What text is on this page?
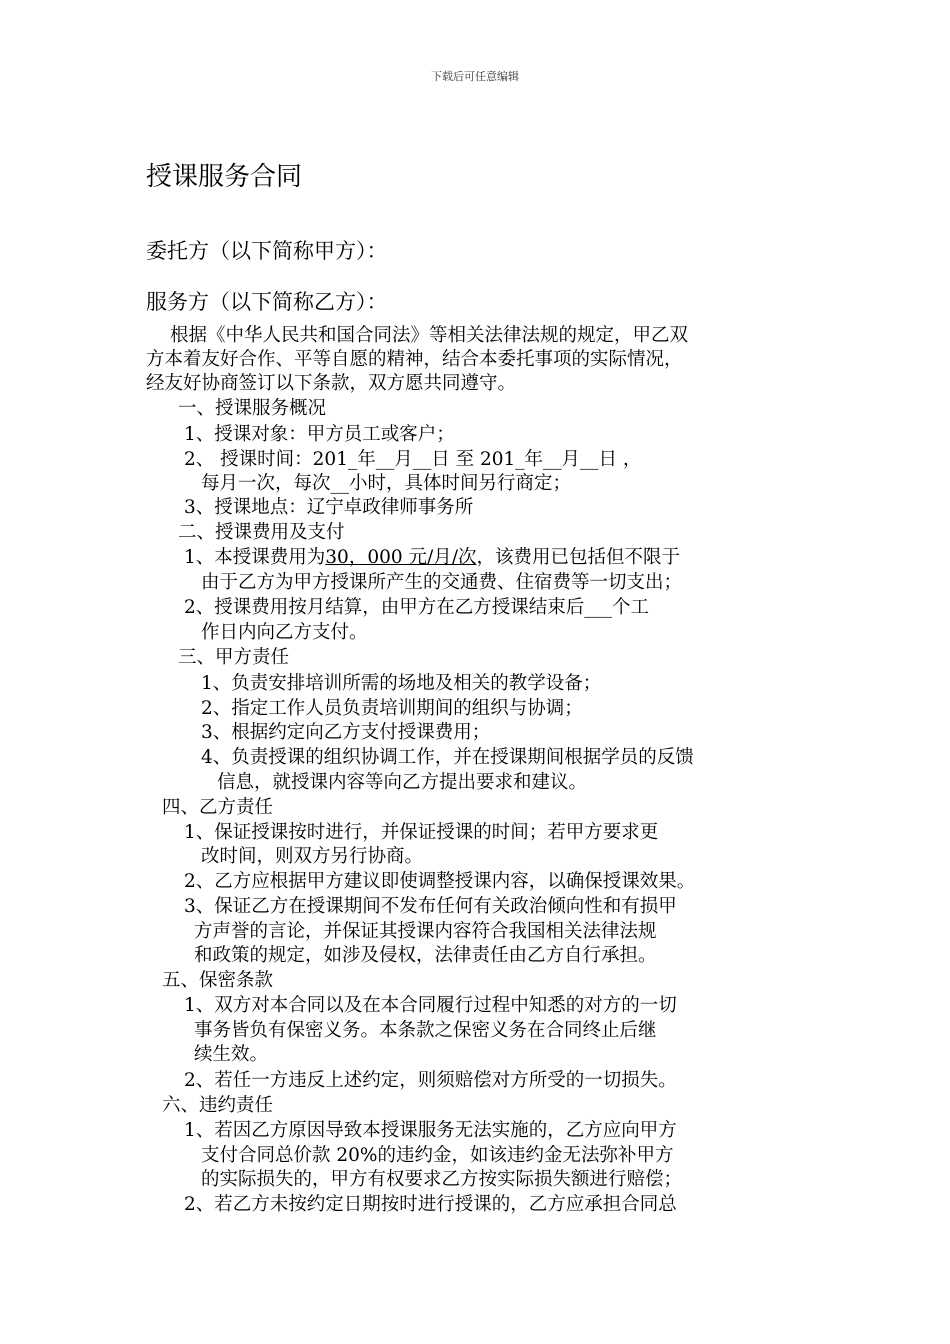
下载后可任意编辑
授课服务合同
委托方（以下简称甲方）：
服务方（以下简称乙方）：
根据《中华人民共和国合同法》等相关法律法规的规定，甲乙双
方本着友好合作、平等自愿的精神，结合本委托事项的实际情况，
经友好协商签订以下条款，双方愿共同遵守。
一、授课服务概况
1、授课对象：甲方员工或客户；
2、 授课时间：201_年__月__日 至 201_年__月__日 ，
每月一次，每次__小时，具体时间另行商定；
3、授课地点：辽宁卓政律师事务所
二、授课费用及支付
1、本授课费用为30，000 元/月/次，该费用已包括但不限于
由于乙方为甲方授课所产生的交通费、住宿费等一切支出；
2、授课费用按月结算，由甲方在乙方授课结束后___个工
作日内向乙方支付。
三、甲方责任
1、负责安排培训所需的场地及相关的教学设备；
2、指定工作人员负责培训期间的组织与协调；
3、根据约定向乙方支付授课费用；
4、负责授课的组织协调工作，并在授课期间根据学员的反馈
信息，就授课内容等向乙方提出要求和建议。
四、乙方责任
1、保证授课按时进行，并保证授课的时间；若甲方要求更
改时间，则双方另行协商。
2、乙方应根据甲方建议即使调整授课内容，以确保授课效果。
3、保证乙方在授课期间不发布任何有关政治倾向性和有损甲
方声誉的言论，并保证其授课内容符合我国相关法律法规
和政策的规定，如涉及侵权，法律责任由乙方自行承担。
五、保密条款
1、双方对本合同以及在本合同履行过程中知悉的对方的一切
事务皆负有保密义务。本条款之保密义务在合同终止后继
续生效。
2、若任一方违反上述约定，则须赔偿对方所受的一切损失。
六、违约责任
1、若因乙方原因导致本授课服务无法实施的，乙方应向甲方
支付合同总价款 20%的违约金，如该违约金无法弥补甲方
的实际损失的，甲方有权要求乙方按实际损失额进行赔偿；
2、若乙方未按约定日期按时进行授课的，乙方应承担合同总
